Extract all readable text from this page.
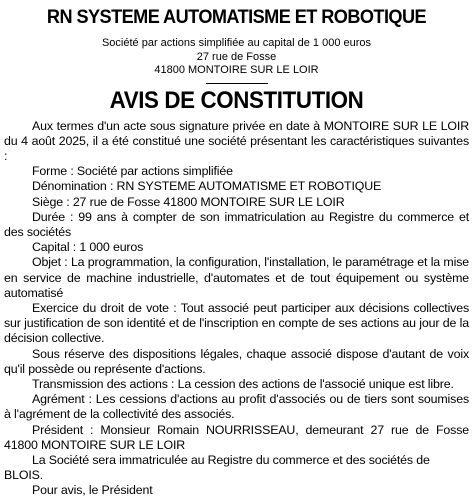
RN SYSTEME AUTOMATISME ET ROBOTIQUE
Société par actions simplifiée au capital de 1 000 euros
27 rue de Fosse
41800 MONTOIRE SUR LE LOIR
AVIS DE CONSTITUTION

Aux termes d'un acte sous signature privée en date à MONTOIRE SUR LE LOIR du 4 août 2025, il a été constitué une société présentant les caractéristiques suivantes :

Forme : Société par actions simplifiée

Dénomination : RN SYSTEME AUTOMATISME ET ROBOTIQUE

Siège : 27 rue de Fosse 41800 MONTOIRE SUR LE LOIR

Durée : 99 ans à compter de son immatriculation au Registre du commerce et des sociétés

Capital : 1 000 euros

Objet : La programmation, la configuration, l'installation, le paramétrage et la mise en service de machine industrielle, d'automates et de tout équipement ou système automatisé

Exercice du droit de vote : Tout associé peut participer aux décisions collectives sur justification de son identité et de l'inscription en compte de ses actions au jour de la décision collective.

Sous réserve des dispositions légales, chaque associé dispose d'autant de voix qu'il possède ou représente d'actions.

Transmission des actions : La cession des actions de l'associé unique est libre.

Agrément : Les cessions d'actions au profit d'associés ou de tiers sont soumises à l'agrément de la collectivité des associés.

Président : Monsieur Romain NOURRISSEAU, demeurant 27 rue de Fosse 41800 MONTOIRE SUR LE LOIR

La Société sera immatriculée au Registre du commerce et des sociétés de BLOIS.

Pour avis, le Président
